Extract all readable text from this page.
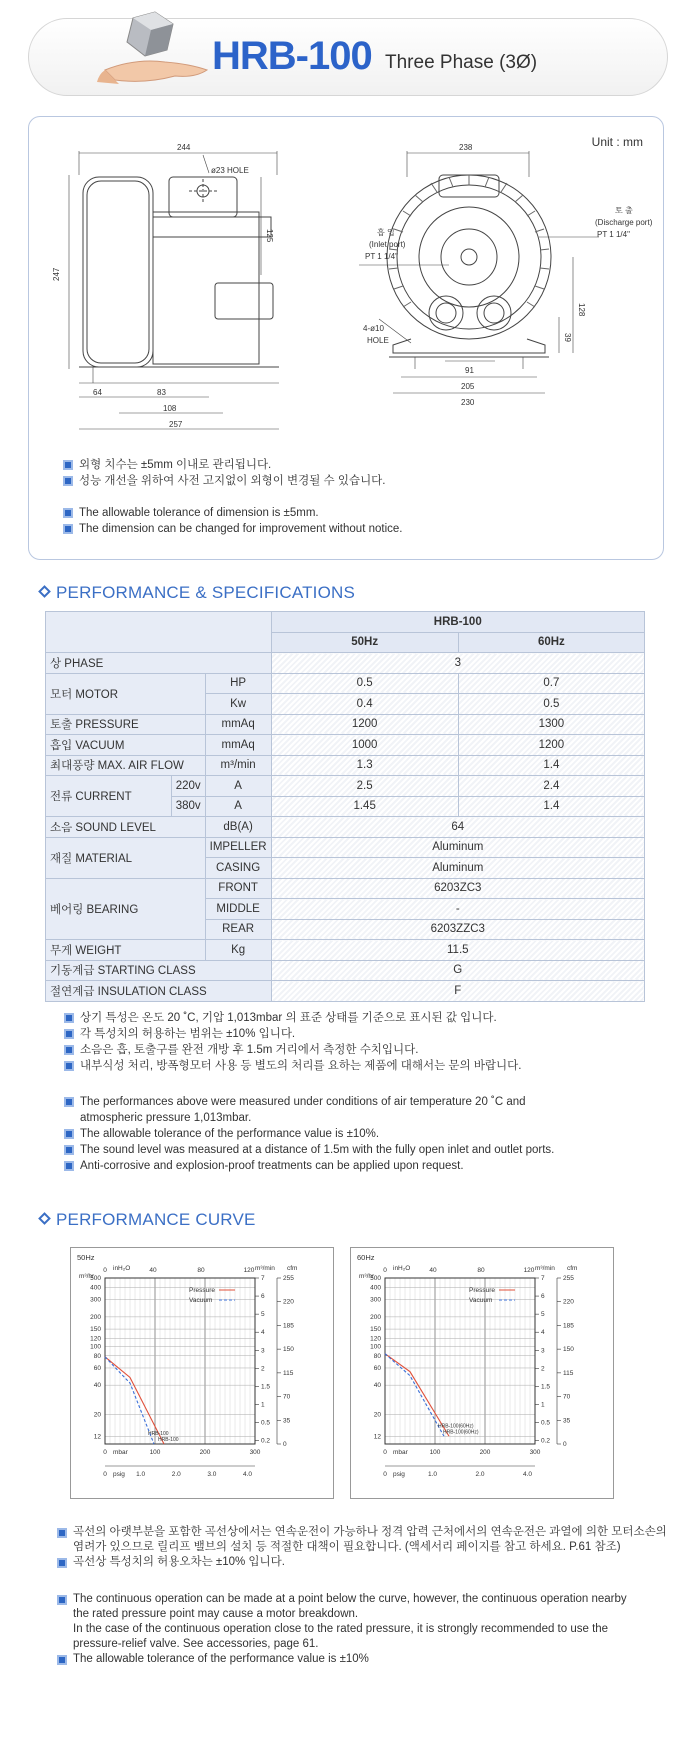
HRB-100 Three Phase (3Ø)
Unit : mm
244
ø23 HOLE
247
125
64	83
108
257
238
흡 입
(Inlet port)
PT 1 1/4"
토 출
(Discharge port)
PT 1 1/4"
4-ø10
HOLE
128
39
91
205
230
외형 치수는 ±5mm 이내로 관리됩니다.
성능 개선을 위하여 사전 고지없이 외형이 변경될 수 있습니다.
The allowable tolerance of dimension is ±5mm.
The dimension can be changed for improvement without notice.
PERFORMANCE & SPECIFICATIONS
			HRB-100	
			50Hz	60Hz
상 PHASE			3	
모터 MOTOR		HP	0.5	0.7
		Kw	0.4	0.5
토출 PRESSURE		mmAq	1200	1300
흡입 VACUUM		mmAq	1000	1200
최대풍량 MAX. AIR FLOW		m³/min	1.3	1.4
전류 CURRENT	220v	A	2.5	2.4
	380v	A	1.45	1.4
소음 SOUND LEVEL		dB(A)	64	
재질 MATERIAL		IMPELLER	Aluminum	
		CASING	Aluminum	
베어링 BEARING		FRONT	6203ZC3	
		MIDDLE	-	
		REAR	6203ZZC3	
무게 WEIGHT		Kg	11.5	
기동계급 STARTING CLASS			G	
절연계급 INSULATION CLASS			F	
상기 특성은 온도 20 ˚C, 기압 1,013mbar 의 표준 상태를 기준으로 표시된 값 입니다.
각 특성치의 허용하는 범위는 ±10% 입니다.
소음은 흡, 토출구를 완전 개방 후 1.5m 거리에서 측정한 수치입니다.
내부식성 처리, 방폭형모터 사용 등 별도의 처리를 요하는 제품에 대해서는 문의 바랍니다.
The performances above were measured under conditions of air temperature 20 ˚C and
atmospheric pressure 1,013mbar.
The allowable tolerance of the performance value is ±10%.
The sound level was measured at a distance of 1.5m with the fully open inlet and outlet ports.
Anti-corrosive and explosion-proof treatments can be applied upon request.
PERFORMANCE CURVE
50Hz
m³/hr
inH₂O	m³/min cfm
500
400
300
200
150
120
100
80
60
40
20
12
7
6
5
4
3
2
1.5
1
0.5
0.2
255
220
185
150
115
70
35
0
0	40	80	120
0	100	200	300
mbar
0	1.0	2.0	3.0	4.0
psig
Pressure
Vacuum
HRB-100
HRB-100
60Hz
m³/hr
inH₂O	m³/min cfm
500
400
300
200
150
120
100
80
60
40
20
12
7
6
5
4
3
2
1.5
1
0.5
0.2
255
220
185
150
115
70
35
0
0	40	80	120
0	100	200	300
mbar
0	1.0	2.0	4.0
psig
Pressure
Vacuum
HRB-100(60Hz)
HRB-100(60Hz)
곡선의 아랫부분을 포함한 곡선상에서는 연속운전이 가능하나 정격 압력 근처에서의 연속운전은 과열에 의한 모터소손의
염려가 있으므로 릴리프 밸브의 설치 등 적절한 대책이 필요합니다. (액세서리 페이지를 참고 하세요. P.61 참조)
곡선상 특성치의 허용오차는 ±10% 입니다.
The continuous operation can be made at a point below the curve, however, the continuous operation nearby
the rated pressure point may cause a motor breakdown.
In the case of the continuous operation close to the rated pressure, it is strongly recommended to use the
pressure-relief valve. See accessories, page 61.
The allowable tolerance of the performance value is ±10%
